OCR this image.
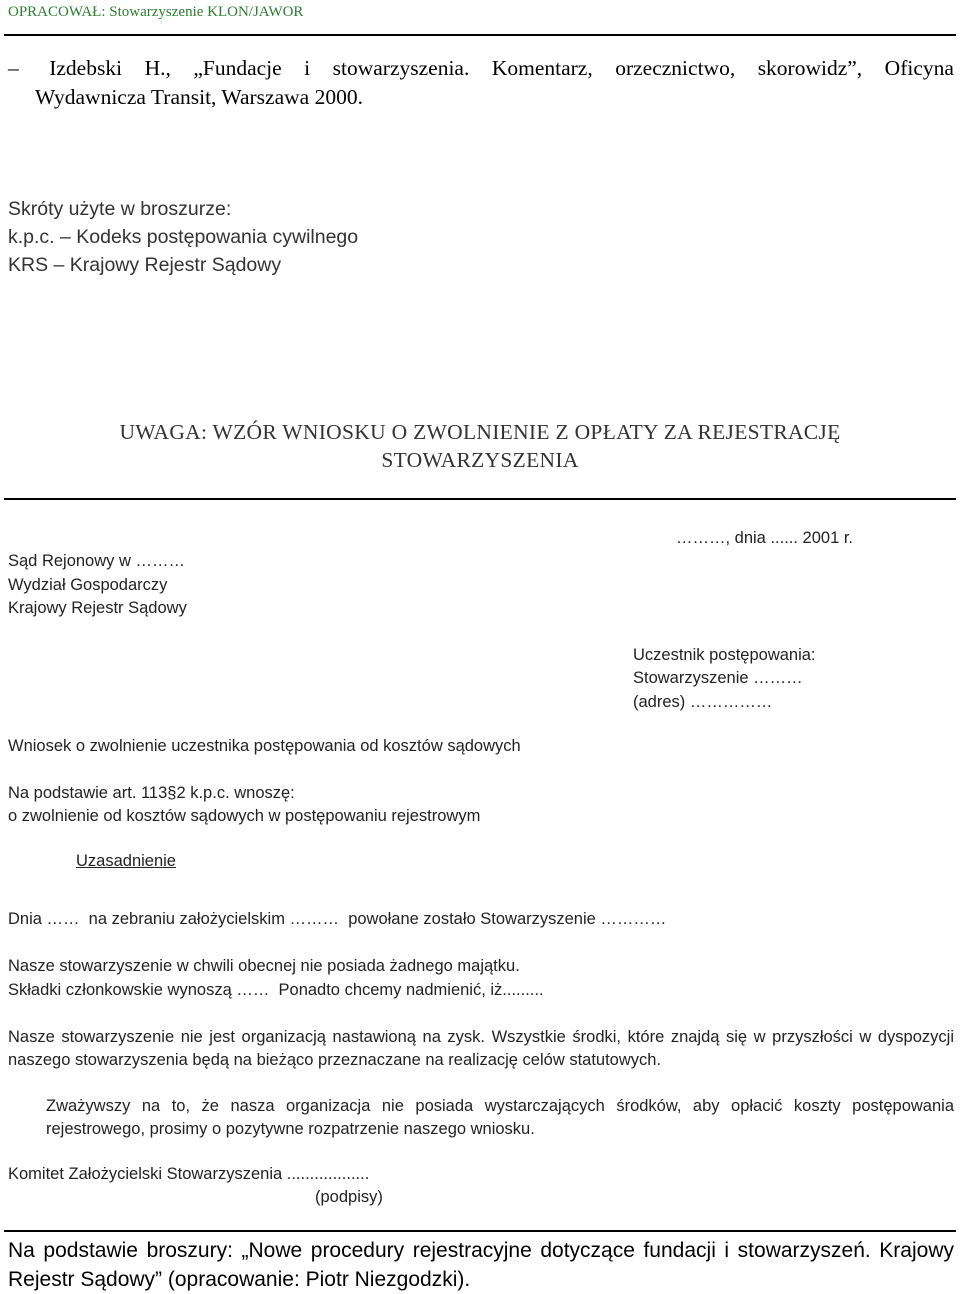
OPRACOWAŁ: Stowarzyszenie KLON/JAWOR
– Izdebski H., „Fundacje i stowarzyszenia. Komentarz, orzecznictwo, skorowidz”, Oficyna
Wydawnicza Transit, Warszawa 2000.
Skróty użyte w broszurze:
k.p.c. – Kodeks postępowania cywilnego
KRS – Krajowy Rejestr Sądowy
UWAGA: WZÓR WNIOSKU O ZWOLNIENIE Z OPŁATY ZA REJESTRACJĘ
STOWARZYSZENIA
Sąd Rejonowy w ………
Wydział Gospodarczy
Krajowy Rejestr Sądowy
………, dnia ...... 2001 r.
Uczestnik postępowania:
Stowarzyszenie ………
(adres) ……………
Wniosek o zwolnienie uczestnika postępowania od kosztów sądowych
Na podstawie art. 113§2 k.p.c. wnoszę:
o zwolnienie od kosztów sądowych w postępowaniu rejestrowym
Uzasadnienie
Dnia ……  na zebraniu założycielskim ………  powołane zostało Stowarzyszenie …………
Nasze stowarzyszenie w chwili obecnej nie posiada żadnego majątku.
Składki członkowskie wynoszą ……  Ponadto chcemy nadmienić, iż.........
Nasze stowarzyszenie nie jest organizacją nastawioną na zysk. Wszystkie środki, które znajdą się w przyszłości w dyspozycji naszego stowarzyszenia będą na bieżąco przeznaczane na realizację celów statutowych.
Zważywszy na to, że nasza organizacja nie posiada wystarczających środków, aby opłacić koszty postępowania rejestrowego, prosimy o pozytywne rozpatrzenie naszego wniosku.
Komitet Założycielski Stowarzyszenia ..................
(podpisy)
Na podstawie broszury: „Nowe procedury rejestracyjne dotyczące fundacji i stowarzyszeń. Krajowy Rejestr Sądowy” (opracowanie: Piotr Niezgodzki).
